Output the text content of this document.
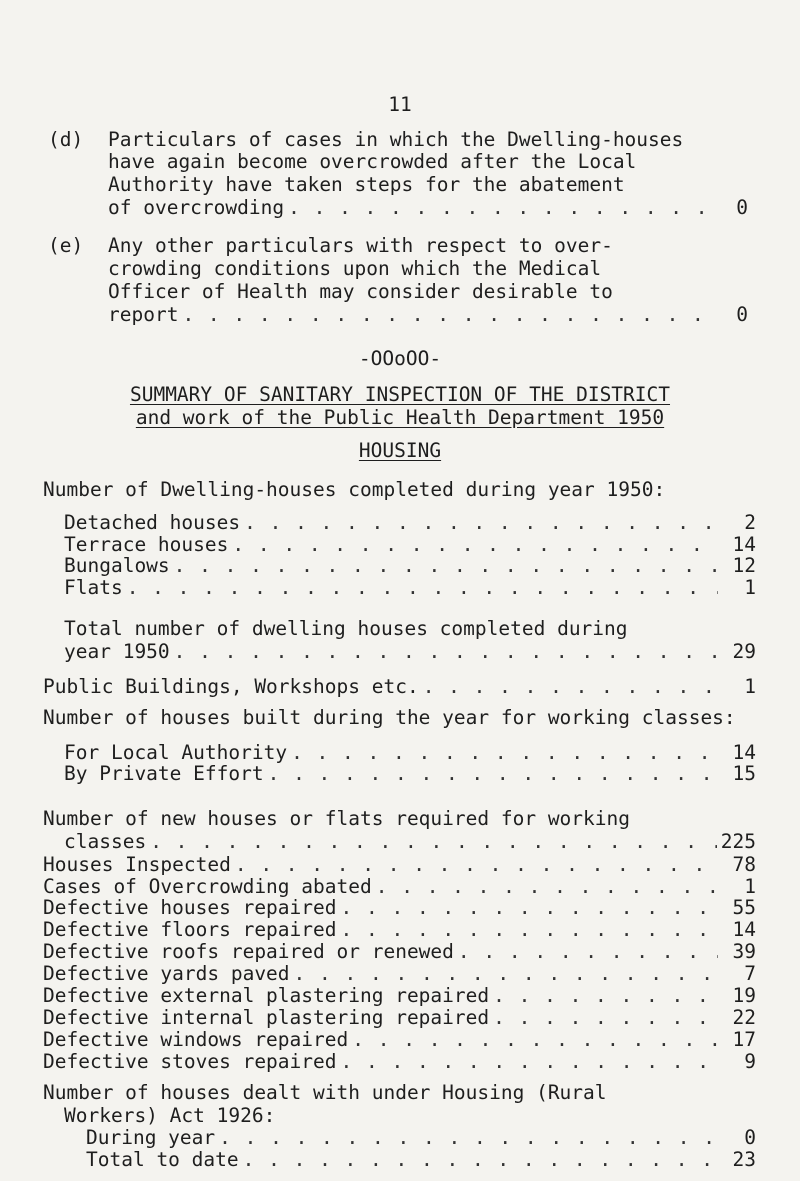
11
(d) Particulars of cases in which the Dwelling-houses
have again become overcrowded after the Local
Authority have taken steps for the abatement
of overcrowding . . .	0
(e) Any other particulars with respect to over-
crowding conditions upon which the Medical
Officer of Health may consider desirable to
report . . .	0
-OOoOO-
SUMMARY OF SANITARY INSPECTION OF THE DISTRICT
and work of the Public Health Department 1950
HOUSING
Number of Dwelling-houses completed during year 1950:
Detached houses . . .	2
Terrace houses . . .	14
Bungalows . . .	12
Flats . . .	1
Total number of dwelling houses completed during
year 1950 . . .	29
Public Buildings, Workshops etc. . . .	1
Number of houses built during the year for working classes:
For Local Authority . . .	14
By Private Effort . . .	15
Number of new houses or flats required for working
classes . . .	225
Houses Inspected . . .	78
Cases of Overcrowding abated . . .	1
Defective houses repaired . . .	55
Defective floors repaired . . .	14
Defective roofs repaired or renewed . . .	39
Defective yards paved . . .	7
Defective external plastering repaired . . .	19
Defective internal plastering repaired . . .	22
Defective windows repaired . . .	17
Defective stoves repaired . . .	9
Number of houses dealt with under Housing (Rural
Workers) Act 1926:
During year . . .	0
Total to date . . .	23
